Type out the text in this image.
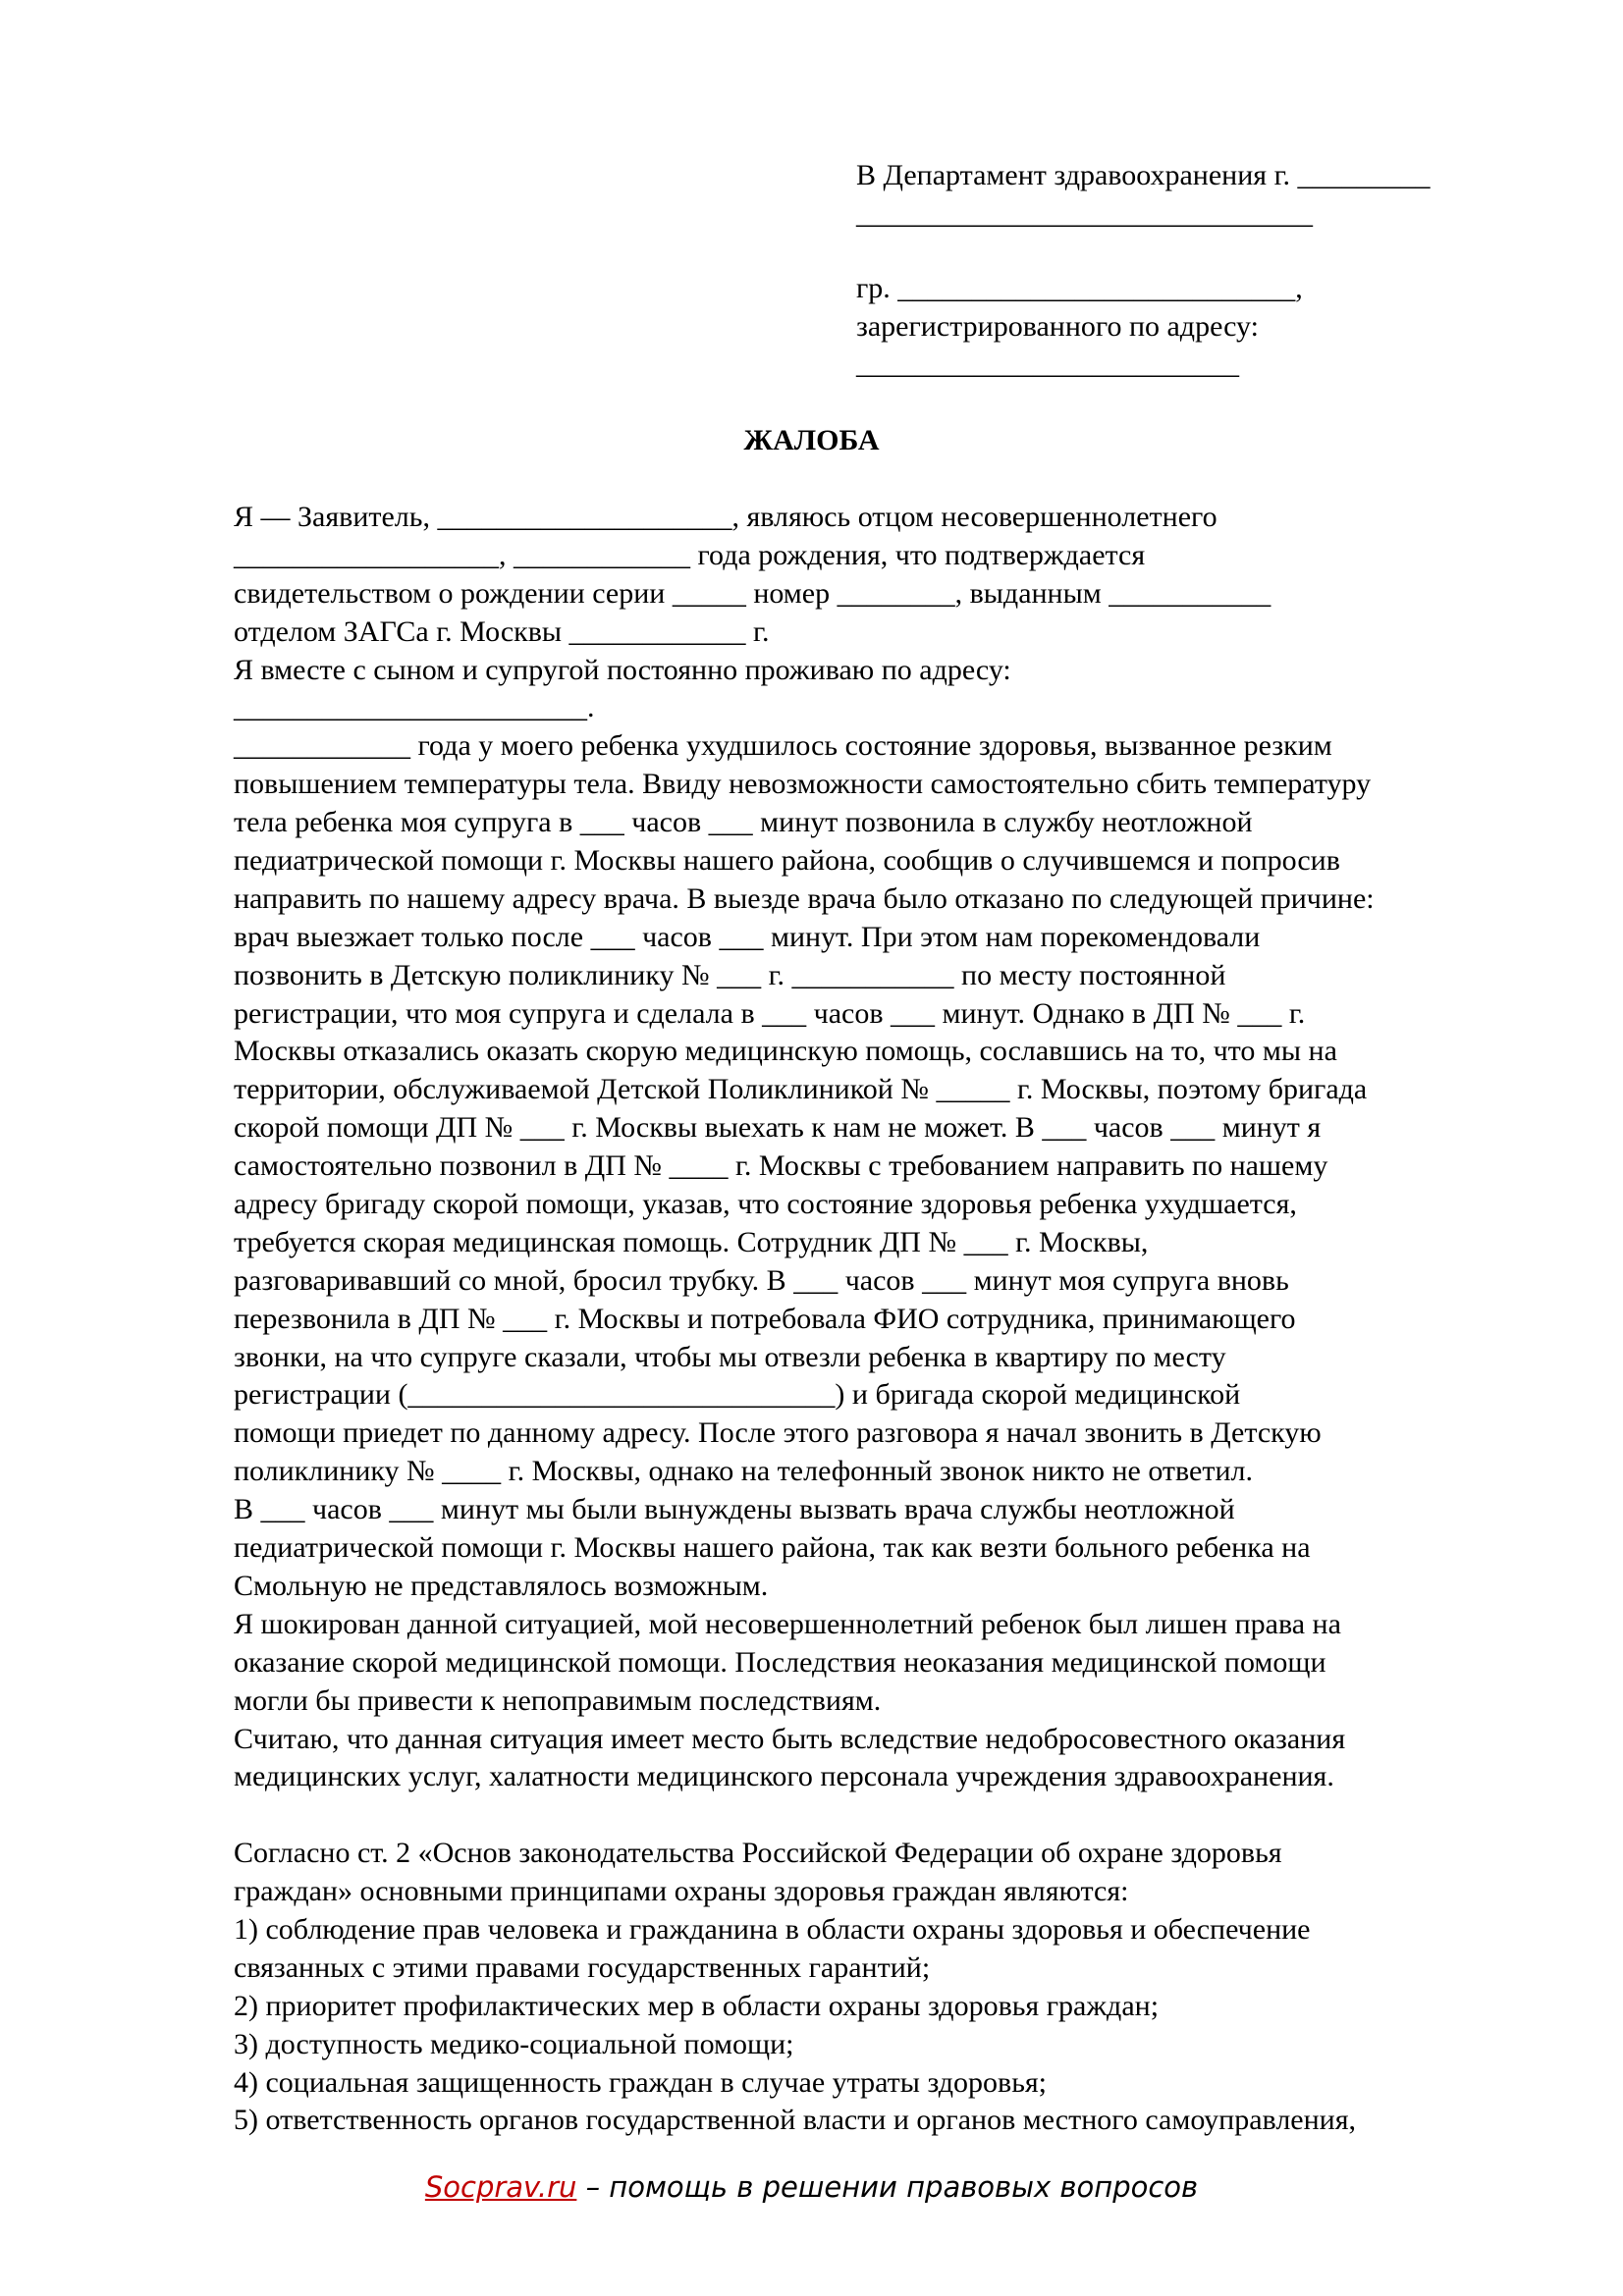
В Департамент здравоохранения г. _________
_______________________________
гр. ___________________________,
зарегистрированного по адресу:
__________________________
ЖАЛОБА
Я — Заявитель, ____________________, являюсь отцом несовершеннолетнего
__________________, ____________ года рождения, что подтверждается
свидетельством о рождении серии _____ номер ________, выданным ___________
отделом ЗАГСа г. Москвы ____________ г.
Я вместе с сыном и супругой постоянно проживаю по адресу:
________________________.
____________ года у моего ребенка ухудшилось состояние здоровья, вызванное резким
повышением температуры тела. Ввиду невозможности самостоятельно сбить температуру
тела ребенка моя супруга в ___ часов ___ минут позвонила в службу неотложной
педиатрической помощи г. Москвы нашего района, сообщив о случившемся и попросив
направить по нашему адресу врача. В выезде врача было отказано по следующей причине:
врач выезжает только после ___ часов ___ минут. При этом нам порекомендовали
позвонить в Детскую поликлинику № ___ г. ___________ по месту постоянной
регистрации, что моя супруга и сделала в ___ часов ___ минут. Однако в ДП № ___ г.
Москвы отказались оказать скорую медицинскую помощь, сославшись на то, что мы на
территории, обслуживаемой Детской Поликлиникой № _____ г. Москвы, поэтому бригада
скорой помощи ДП № ___ г. Москвы выехать к нам не может. В ___ часов ___ минут я
самостоятельно позвонил в ДП № ____ г. Москвы с требованием направить по нашему
адресу бригаду скорой помощи, указав, что состояние здоровья ребенка ухудшается,
требуется скорая медицинская помощь. Сотрудник ДП № ___ г. Москвы,
разговаривавший со мной, бросил трубку. В ___ часов ___ минут моя супруга вновь
перезвонила в ДП № ___ г. Москвы и потребовала ФИО сотрудника, принимающего
звонки, на что супруге сказали, чтобы мы отвезли ребенка в квартиру по месту
регистрации (_____________________________) и бригада скорой медицинской
помощи приедет по данному адресу. После этого разговора я начал звонить в Детскую
поликлинику № ____ г. Москвы, однако на телефонный звонок никто не ответил.
В ___ часов ___ минут мы были вынуждены вызвать врача службы неотложной
педиатрической помощи г. Москвы нашего района, так как везти больного ребенка на
Смольную не представлялось возможным.
Я шокирован данной ситуацией, мой несовершеннолетний ребенок был лишен права на
оказание скорой медицинской помощи. Последствия неоказания медицинской помощи
могли бы привести к непоправимым последствиям.
Считаю, что данная ситуация имеет место быть вследствие недобросовестного оказания
медицинских услуг, халатности медицинского персонала учреждения здравоохранения.
Согласно ст. 2 «Основ законодательства Российской Федерации об охране здоровья
граждан» основными принципами охраны здоровья граждан являются:
1) соблюдение прав человека и гражданина в области охраны здоровья и обеспечение
связанных с этими правами государственных гарантий;
2) приоритет профилактических мер в области охраны здоровья граждан;
3) доступность медико-социальной помощи;
4) социальная защищенность граждан в случае утраты здоровья;
5) ответственность органов государственной власти и органов местного самоуправления,
Socprav.ru – помощь в решении правовых вопросов
